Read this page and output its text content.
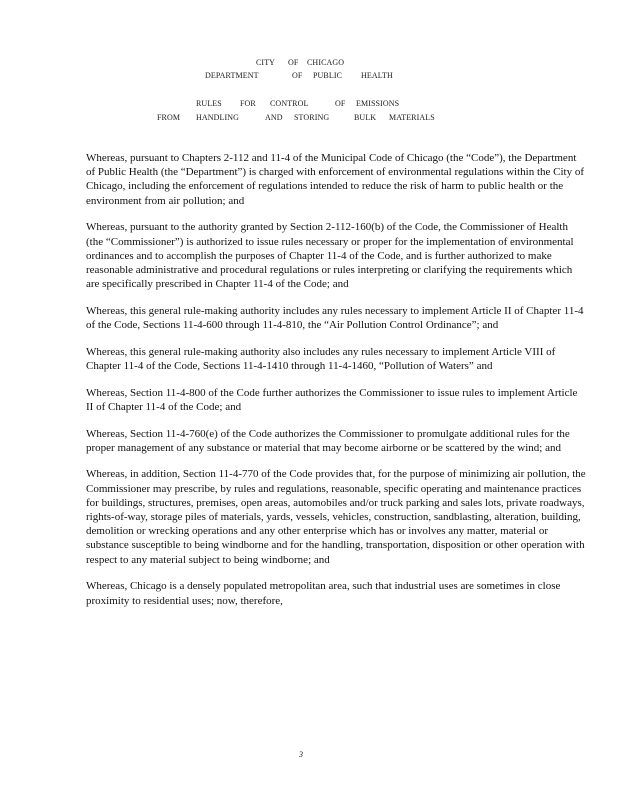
CITY OF CHICAGO
DEPARTMENT	OF PUBLIC HEALTH
RULES FOR CONTROL	OF EMISSIONS
FROM HANDLING	AND STORING	BULK MATERIALS

Whereas, pursuant to Chapters 2-112 and 11-4 of the Municipal Code of Chicago (the “Code”), the Department of Public Health (the “Department”) is charged with enforcement of environmental regulations within the City of Chicago, including the enforcement of regulations intended to reduce the risk of harm to public health or the environment from air pollution; and

Whereas, pursuant to the authority granted by Section 2-112-160(b) of the Code, the Commissioner of Health (the “Commissioner”) is authorized to issue rules necessary or proper for the implementation of environmental ordinances and to accomplish the purposes of Chapter 11-4 of the Code, and is further authorized to make reasonable administrative and procedural regulations or rules interpreting or clarifying the requirements which are specifically prescribed in Chapter 11-4 of the Code; and

Whereas, this general rule-making authority includes any rules necessary to implement Article II of Chapter 11-4 of the Code, Sections 11-4-600 through 11-4-810, the “Air Pollution Control Ordinance”; and

Whereas, this general rule-making authority also includes any rules necessary to implement Article VIII of Chapter 11-4 of the Code, Sections 11-4-1410 through 11-4-1460, “Pollution of Waters” and

Whereas, Section 11-4-800 of the Code further authorizes the Commissioner to issue rules to implement Article II of Chapter 11-4 of the Code; and

Whereas, Section 11-4-760(e) of the Code authorizes the Commissioner to promulgate additional rules for the proper management of any substance or material that may become airborne or be scattered by the wind; and

Whereas, in addition, Section 11-4-770 of the Code provides that, for the purpose of minimizing air pollution, the Commissioner may prescribe, by rules and regulations, reasonable, specific operating and maintenance practices for buildings, structures, premises, open areas, automobiles and/or truck parking and sales lots, private roadways, rights-of-way, storage piles of materials, yards, vessels, vehicles, construction, sandblasting, alteration, building, demolition or wrecking operations and any other enterprise which has or involves any matter, material or substance susceptible to being windborne and for the handling, transportation, disposition or other operation with respect to any material subject to being windborne; and

Whereas, Chicago is a densely populated metropolitan area, such that industrial uses are sometimes in close proximity to residential uses; now, therefore,

3
